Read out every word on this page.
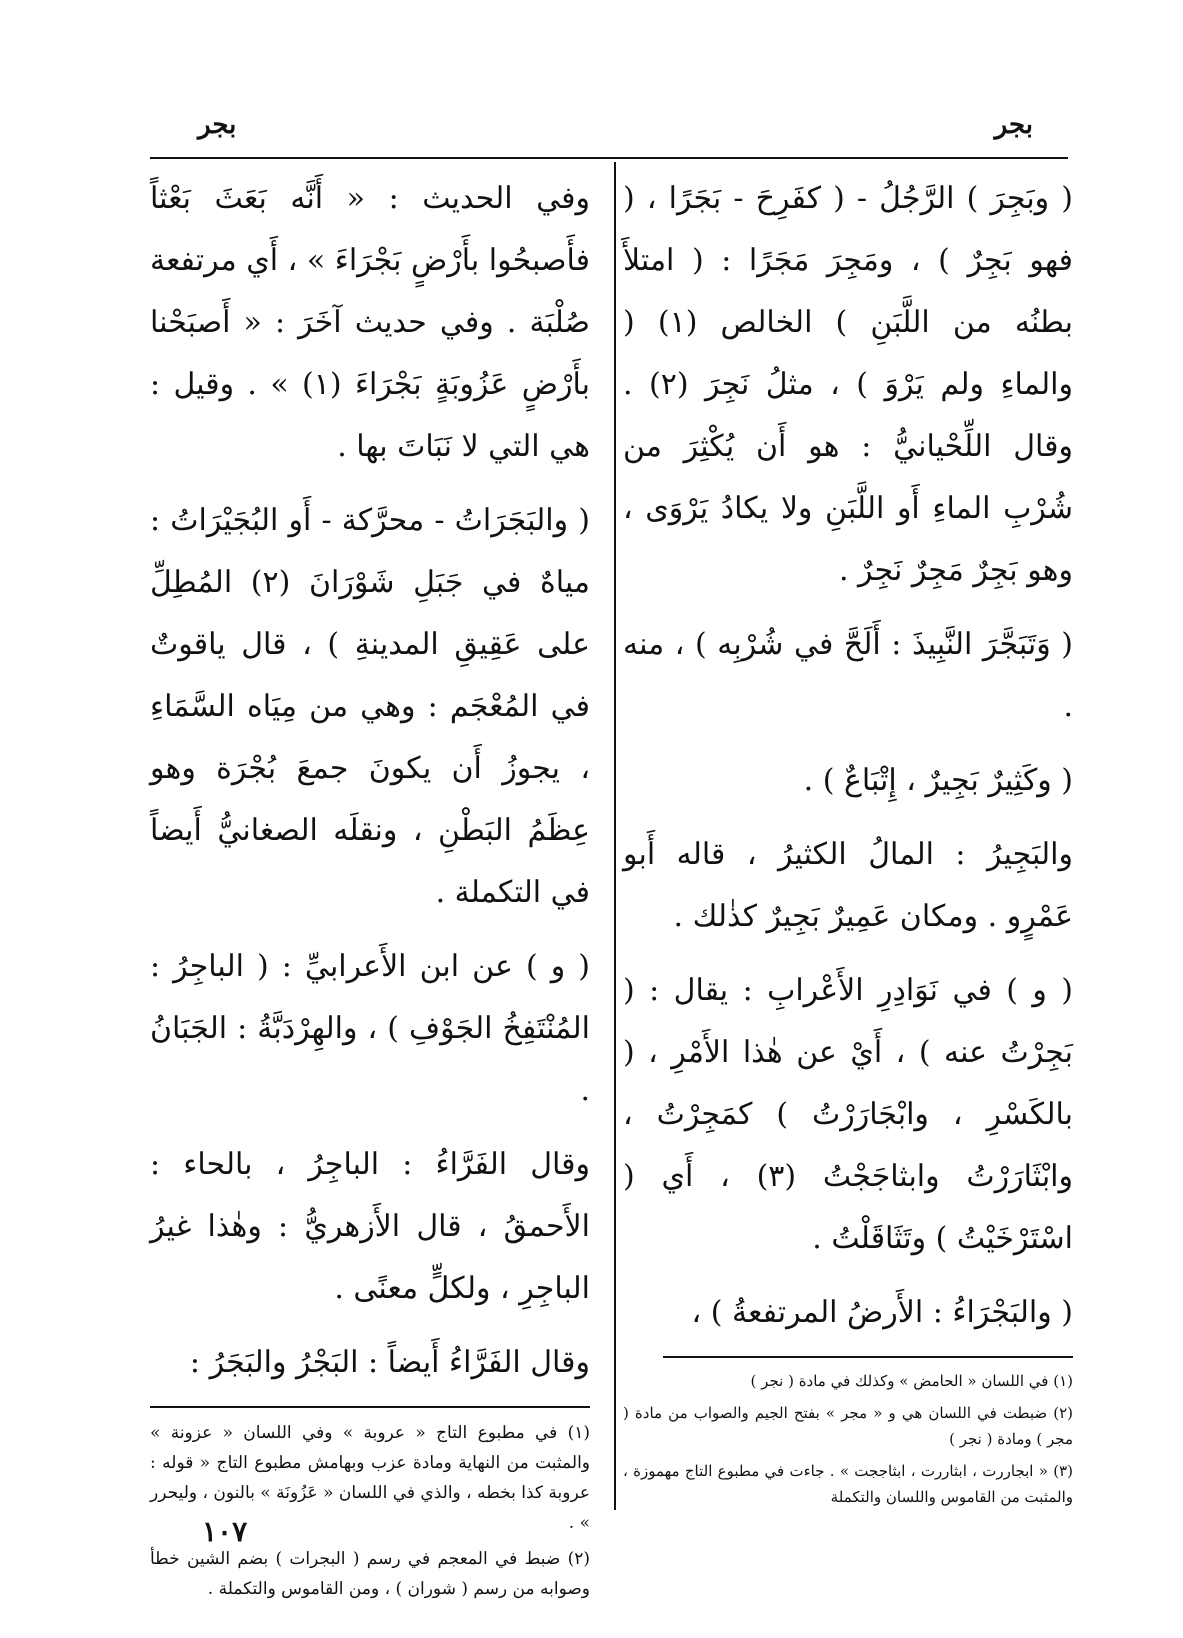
بجر
بجر

( وبَجِرَ ) الرَّجُلُ - ( كفَرِحَ - بَجَرًا ، ( فهو بَجِرٌ ) ، ومَجِرَ مَجَرًا : ( امتلأَ بطنُه من اللَّبَنِ ) الخالص (١) ( والماءِ ولم يَرْوَ ) ، مثلُ نَجِرَ (٢) . وقال اللِّحْيانيُّ : هو أَن يُكْثِرَ من شُرْبِ الماءِ أَو اللَّبَنِ ولا يكادُ يَرْوَى ، وهو بَجِرٌ مَجِرٌ نَجِرٌ .

( وَتَبَجَّرَ النَّبِيذَ : أَلَحَّ في شُرْبِه ) ، منه .

( وكَثِيرٌ بَجِيرٌ ، إِتْبَاعٌ ) .

والبَجِيرُ : المالُ الكثيرُ ، قاله أَبو عَمْرٍو . ومكان عَمِيرٌ بَجِيرٌ كذٰلك .

( و ) في نَوَادِرِ الأَعْرابِ : يقال : ( بَجِرْتُ عنه ) ، أَيْ عن هٰذا الأَمْرِ ، ( بالكَسْرِ ، وابْجَارَرْتُ ) كمَجِرْتُ ، وابْثَارَرْتُ وابثاجَجْتُ (٣) ، أَي ( اسْتَرْخَيْتُ ) وتَثَاقَلْتُ .

( والبَجْرَاءُ : الأَرضُ المرتفعةُ ) ،

(١) في اللسان « الحامض » وكذلك في مادة ( نجر )

(٢) ضبطت في اللسان هي و « مجر » بفتح الجيم والصواب من مادة ( مجر ) ومادة ( نجر )

(٣) « ابجاررت ، ابثاررت ، ابثاججت » . جاءت في مطبوع التاج مهموزة ، والمثبت من القاموس واللسان والتكملة

وفي الحديث : « أَنَّه بَعَثَ بَعْثاً فأَصبحُوا بأَرْضٍ بَجْرَاءَ » ، أَي مرتفعة صُلْبَة . وفي حديث آخَرَ : « أَصبَحْنا بأَرْضٍ عَزُوبَةٍ بَجْرَاءَ (١) » . وقيل : هي التي لا نَبَاتَ بها .

( والبَجَرَاتُ - محرَّكة - أَو البُجَيْرَاتُ : مياهٌ في جَبَلِ شَوْرَانَ (٢) المُطِلِّ على عَقِيقِ المدينةِ ) ، قال ياقوتٌ في المُعْجَم : وهي من مِيَاه السَّمَاءِ ، يجوزُ أَن يكونَ جمعَ بُجْرَة وهو عِظَمُ البَطْنِ ، ونقلَه الصغانيُّ أَيضاً في التكملة .

( و ) عن ابن الأَعرابيِّ : ( الباجِرُ : المُنْتَفِخُ الجَوْفِ ) ، والهِرْدَبَّةُ : الجَبَانُ .

وقال الفَرَّاءُ : الباجِرُ ، بالحاء : الأَحمقُ ، قال الأَزهريُّ : وهٰذا غيرُ الباجِرِ ، ولكلٍّ معنًى .

وقال الفَرَّاءُ أَيضاً : البَجْرُ والبَجَرُ :

(١) في مطبوع التاج « عروبة » وفي اللسان « عزونة » والمثبت من النهاية ومادة عزب وبهامش مطبوع التاج « قوله : عروبة كذا بخطه ، والذي في اللسان « عَزُونَة » بالنون ، وليحرر » .

(٢) ضبط في المعجم في رسم ( البجرات ) بضم الشين خطأ وصوابه من رسم ( شوران ) ، ومن القاموس والتكملة .

١٠٧
